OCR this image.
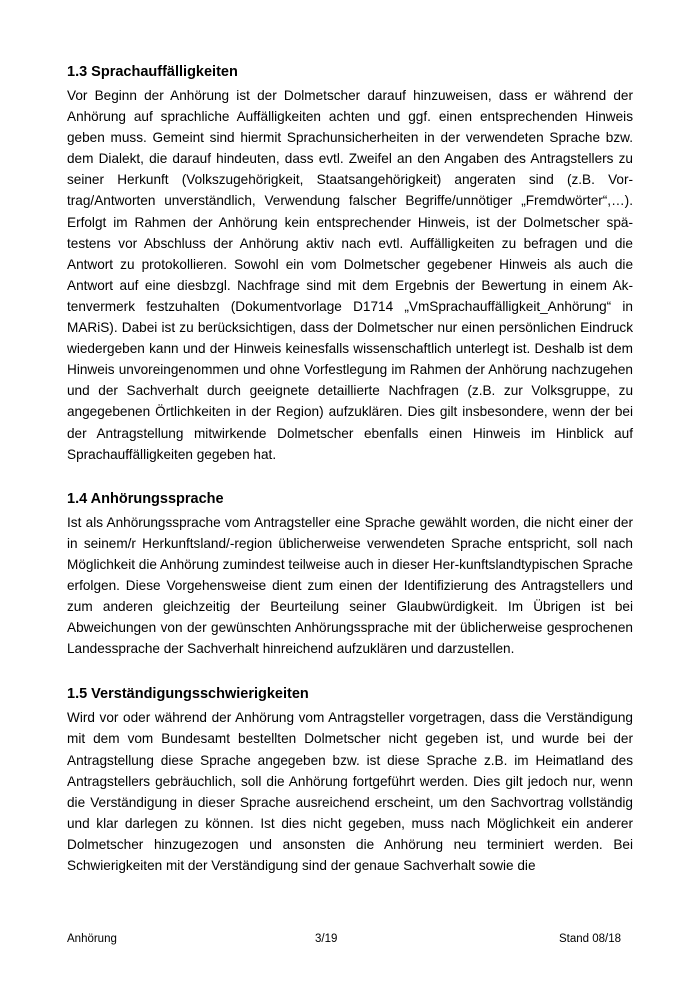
1.3 Sprachauffälligkeiten

Vor Beginn der Anhörung ist der Dolmetscher darauf hinzuweisen, dass er während der Anhörung auf sprachliche Auffälligkeiten achten und ggf. einen entsprechenden Hinweis geben muss. Gemeint sind hiermit Sprachunsicherheiten in der verwendeten Sprache bzw. dem Dialekt, die darauf hindeuten, dass evtl. Zweifel an den Angaben des Antragstellers zu seiner Herkunft (Volkszugehörigkeit, Staatsangehörigkeit) angeraten sind (z.B. Vortrag/Antworten unverständlich, Verwendung falscher Begriffe/unnötiger „Fremdwörter“,…). Erfolgt im Rahmen der Anhörung kein entsprechender Hinweis, ist der Dolmetscher spätestens vor Abschluss der Anhörung aktiv nach evtl. Auffälligkeiten zu befragen und die Antwort zu protokollieren. Sowohl ein vom Dolmetscher gegebener Hinweis als auch die Antwort auf eine diesbzgl. Nachfrage sind mit dem Ergebnis der Bewertung in einem Aktenvermerk festzuhalten (Dokumentvorlage D1714 „VmSprachauffälligkeit_Anhörung“ in MARiS). Dabei ist zu berücksichtigen, dass der Dolmetscher nur einen persönlichen Eindruck wiedergeben kann und der Hinweis keinesfalls wissenschaftlich unterlegt ist. Deshalb ist dem Hinweis unvoreingenommen und ohne Vorfestlegung im Rahmen der Anhörung nachzugehen und der Sachverhalt durch geeignete detaillierte Nachfragen (z.B. zur Volksgruppe, zu angegebenen Örtlichkeiten in der Region) aufzuklären. Dies gilt insbesondere, wenn der bei der Antragstellung mitwirkende Dolmetscher ebenfalls einen Hinweis im Hinblick auf Sprachauffälligkeiten gegeben hat.

1.4 Anhörungssprache

Ist als Anhörungssprache vom Antragsteller eine Sprache gewählt worden, die nicht einer der in seinem/r Herkunftsland/-region üblicherweise verwendeten Sprache entspricht, soll nach Möglichkeit die Anhörung zumindest teilweise auch in dieser Her-kunftslandtypischen Sprache erfolgen. Diese Vorgehensweise dient zum einen der Identifizierung des Antragstellers und zum anderen gleichzeitig der Beurteilung seiner Glaubwürdigkeit. Im Übrigen ist bei Abweichungen von der gewünschten Anhörungssprache mit der üblicherweise gesprochenen Landessprache der Sachverhalt hinreichend aufzuklären und darzustellen.

1.5 Verständigungsschwierigkeiten

Wird vor oder während der Anhörung vom Antragsteller vorgetragen, dass die Verständigung mit dem vom Bundesamt bestellten Dolmetscher nicht gegeben ist, und wurde bei der Antragstellung diese Sprache angegeben bzw. ist diese Sprache z.B. im Heimatland des Antragstellers gebräuchlich, soll die Anhörung fortgeführt werden. Dies gilt jedoch nur, wenn die Verständigung in dieser Sprache ausreichend erscheint, um den Sachvortrag vollständig und klar darlegen zu können. Ist dies nicht gegeben, muss nach Möglichkeit ein anderer Dolmetscher hinzugezogen und ansonsten die Anhörung neu terminiert werden. Bei Schwierigkeiten mit der Verständigung sind der genaue Sachverhalt sowie die

Anhörung	3/19	Stand 08/18
